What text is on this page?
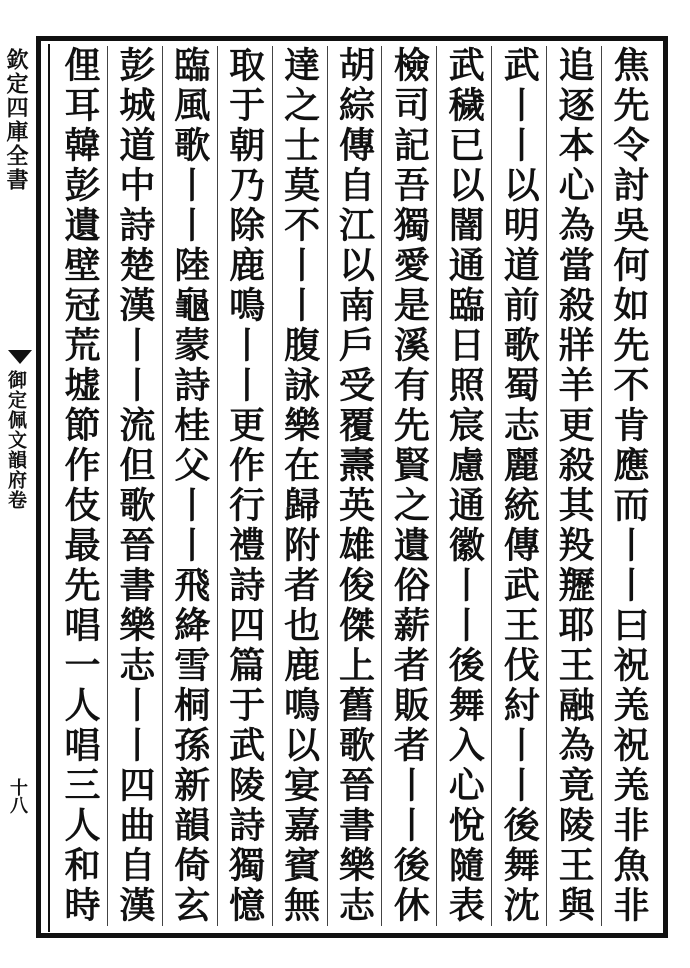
欽定四庫全書
御定佩文韻府卷
十八
焦先令討吳何如先不肯應而丨丨曰祝𦍑祝𦍑非魚非
追逐本心為當殺牂羊更殺其羖䍽耶王融為竟陵王與
武丨丨以明道前歌蜀志麗統傳武王伐紂丨丨後舞沈
武穢已以闇通臨日照宸慮通徽丨丨後舞入心悅隨表
檢司記吾獨愛是溪有先賢之遺俗薪者販者丨丨後休
胡綜傳自江以南戶受覆燾英雄俊傑上舊歌晉書樂志
達之士莫不丨丨腹詠樂在歸附者也鹿鳴以宴嘉賓無
取于朝乃除鹿鳴丨丨更作行禮詩四篇于武陵詩獨憶
臨風歌丨丨陸龜蒙詩桂父丨丨飛絳雪桐孫新韻倚玄
彭城道中詩楚漢丨丨流但歌晉書樂志丨丨四曲自漢
俚耳韓彭遺壁冠荒墟節作伎最先唱一人唱三人和時
